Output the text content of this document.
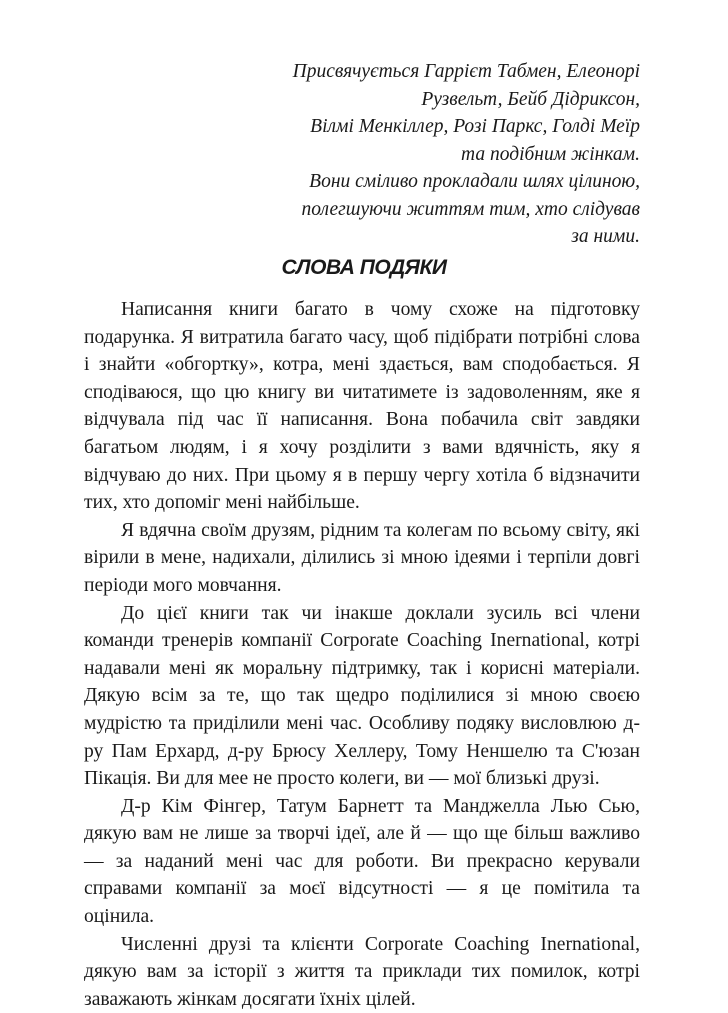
Присвячується Гаррієт Табмен, Елеонорі
Рузвельт, Бейб Дідриксон,
Вілмі Менкіллер, Розі Паркс, Голді Меїр
та подібним жінкам.
Вони сміливо прокладали шлях цілиною,
полегшуючи життям тим, хто слідував
за ними.
СЛОВА ПОДЯКИ

Написання книги багато в чому схоже на підготовку подарунка. Я витратила багато часу, щоб підібрати потрібні слова і знайти «обгортку», котра, мені здається, вам сподобається. Я сподіваюся, що цю книгу ви читатимете із задоволенням, яке я відчувала під час її написання. Вона побачила світ завдяки багатьом людям, і я хочу розділити з вами вдячність, яку я відчуваю до них. При цьому я в першу чергу хотіла б відзначити тих, хто допоміг мені найбільше.

Я вдячна своїм друзям, рідним та колегам по всьому світу, які вірили в мене, надихали, ділились зі мною ідеями і терпіли довгі періоди мого мовчання.

До цієї книги так чи інакше доклали зусиль всі члени команди тренерів компанії Corporate Coaching Inernational, котрі надавали мені як моральну підтримку, так і корисні матеріали. Дякую всім за те, що так щедро поділилися зі мною своєю мудрістю та приділили мені час. Особливу подяку висловлюю д-ру Пам Ерхард, д-ру Брюсу Хеллеру, Тому Неншелю та С'юзан Пікація. Ви для мее не просто колеги, ви — мої близькі друзі.

Д-р Кім Фінгер, Татум Барнетт та Манджелла Лью Сью, дякую вам не лише за творчі ідеї, але й — що ще більш важливо — за наданий мені час для роботи. Ви прекрасно керували справами компанії за моєї відсутності — я це помітила та оцінила.

Численні друзі та клієнти Corporate Coaching Inernational, дякую вам за історії з життя та приклади тих помилок, котрі заважають жінкам досягати їхніх цілей.
